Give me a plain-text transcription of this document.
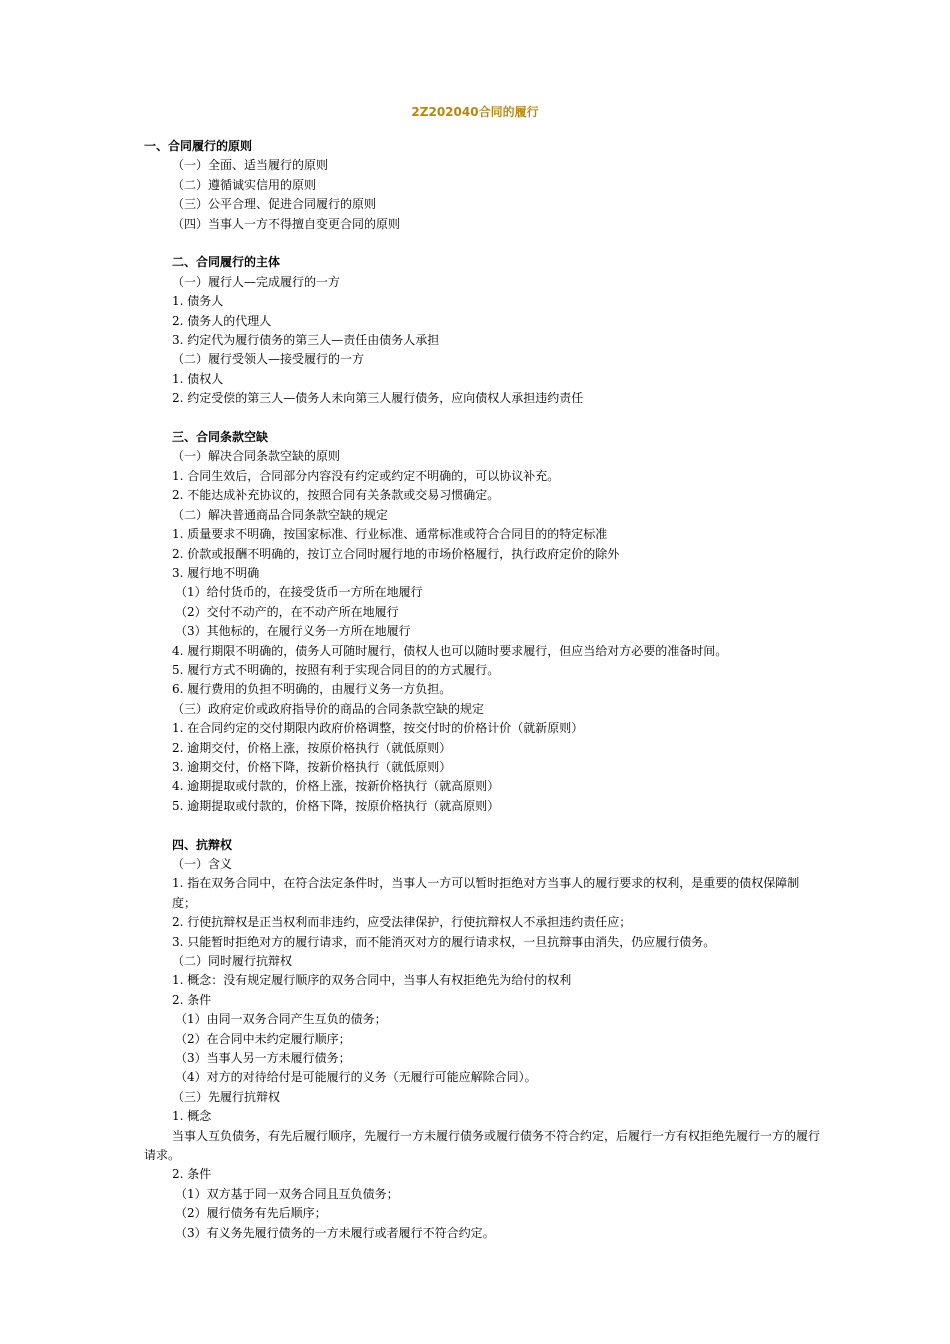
2Z202040合同的履行
一、合同履行的原则
（一）全面、适当履行的原则
（二）遵循诚实信用的原则
（三）公平合理、促进合同履行的原则
（四）当事人一方不得擅自变更合同的原则
二、合同履行的主体
（一）履行人—完成履行的一方
1. 债务人
2. 债务人的代理人
3. 约定代为履行债务的第三人—责任由债务人承担
（二）履行受领人—接受履行的一方
1. 债权人
2. 约定受偿的第三人—债务人未向第三人履行债务，应向债权人承担违约责任
三、合同条款空缺
（一）解决合同条款空缺的原则
1. 合同生效后，合同部分内容没有约定或约定不明确的，可以协议补充。
2. 不能达成补充协议的，按照合同有关条款或交易习惯确定。
（二）解决普通商品合同条款空缺的规定
1. 质量要求不明确，按国家标准、行业标准、通常标准或符合合同目的的特定标准
2. 价款或报酬不明确的，按订立合同时履行地的市场价格履行，执行政府定价的除外
3. 履行地不明确
（1）给付货币的，在接受货币一方所在地履行
（2）交付不动产的，在不动产所在地履行
（3）其他标的，在履行义务一方所在地履行
4. 履行期限不明确的，债务人可随时履行，债权人也可以随时要求履行，但应当给对方必要的准备时间。
5. 履行方式不明确的，按照有利于实现合同目的的方式履行。
6. 履行费用的负担不明确的，由履行义务一方负担。
（三）政府定价或政府指导价的商品的合同条款空缺的规定
1. 在合同约定的交付期限内政府价格调整，按交付时的价格计价（就新原则）
2. 逾期交付，价格上涨，按原价格执行（就低原则）
3. 逾期交付，价格下降，按新价格执行（就低原则）
4. 逾期提取或付款的，价格上涨，按新价格执行（就高原则）
5. 逾期提取或付款的，价格下降，按原价格执行（就高原则）
四、抗辩权
（一）含义
1. 指在双务合同中，在符合法定条件时，当事人一方可以暂时拒绝对方当事人的履行要求的权利，是重要的债权保障制度；
2. 行使抗辩权是正当权利而非违约，应受法律保护，行使抗辩权人不承担违约责任应；
3. 只能暂时拒绝对方的履行请求，而不能消灭对方的履行请求权，一旦抗辩事由消失，仍应履行债务。
（二）同时履行抗辩权
1. 概念：没有规定履行顺序的双务合同中，当事人有权拒绝先为给付的权利
2. 条件
（1）由同一双务合同产生互负的债务；
（2）在合同中未约定履行顺序；
（3）当事人另一方未履行债务；
（4）对方的对待给付是可能履行的义务（无履行可能应解除合同）。
（三）先履行抗辩权
1. 概念
当事人互负债务，有先后履行顺序，先履行一方未履行债务或履行债务不符合约定，后履行一方有权拒绝先履行一方的履行请求。
2. 条件
（1）双方基于同一双务合同且互负债务；
（2）履行债务有先后顺序；
（3）有义务先履行债务的一方未履行或者履行不符合约定。
